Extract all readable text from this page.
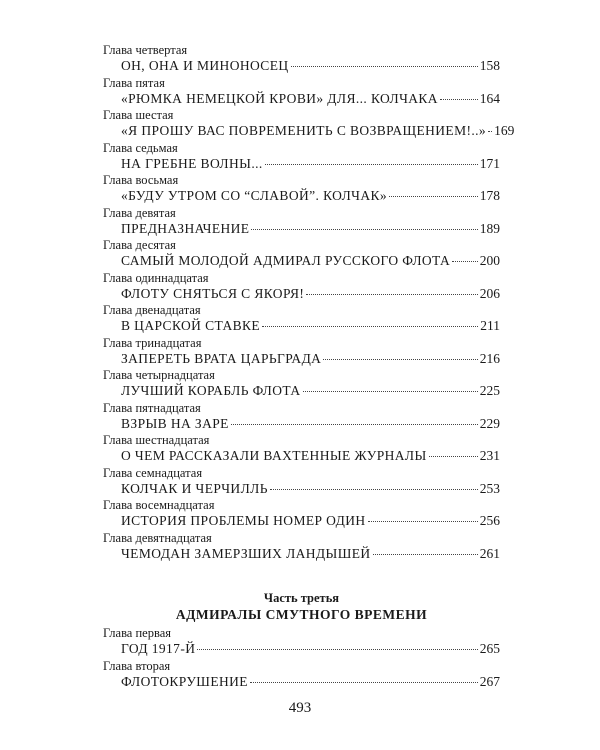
Глава четвертая
ОН, ОНА И МИНОНОСЕЦ	158
Глава пятая
«РЮМКА НЕМЕЦКОЙ КРОВИ» ДЛЯ... КОЛЧАКА	164
Глава шестая
«Я ПРОШУ ВАС ПОВРЕМЕНИТЬ С ВОЗВРАЩЕНИЕМ!..» 169
Глава седьмая
НА ГРЕБНЕ ВОЛНЫ...	171
Глава восьмая
«БУДУ УТРОМ СО “СЛАВОЙ”. КОЛЧАК»	178
Глава девятая
ПРЕДНАЗНАЧЕНИЕ	189
Глава десятая
САМЫЙ МОЛОДОЙ АДМИРАЛ РУССКОГО ФЛОТА 200
Глава одиннадцатая
ФЛОТУ СНЯТЬСЯ С ЯКОРЯ!	206
Глава двенадцатая
В ЦАРСКОЙ СТАВКЕ	211
Глава тринадцатая
ЗАПЕРЕТЬ ВРАТА ЦАРЬГРАДА	216
Глава четырнадцатая
ЛУЧШИЙ КОРАБЛЬ ФЛОТА	225
Глава пятнадцатая
ВЗРЫВ НА ЗАРЕ	229
Глава шестнадцатая
О ЧЕМ РАССКАЗАЛИ ВАХТЕННЫЕ ЖУРНАЛЫ	231
Глава семнадцатая
КОЛЧАК И ЧЕРЧИЛЛЬ	253
Глава восемнадцатая
ИСТОРИЯ ПРОБЛЕМЫ НОМЕР ОДИН	256
Глава девятнадцатая
ЧЕМОДАН ЗАМЕРЗШИХ ЛАНДЫШЕЙ	261
Часть третья
АДМИРАЛЫ СМУТНОГО ВРЕМЕНИ
Глава первая
ГОД 1917-Й	265
Глава вторая
ФЛОТОКРУШЕНИЕ	267
493
